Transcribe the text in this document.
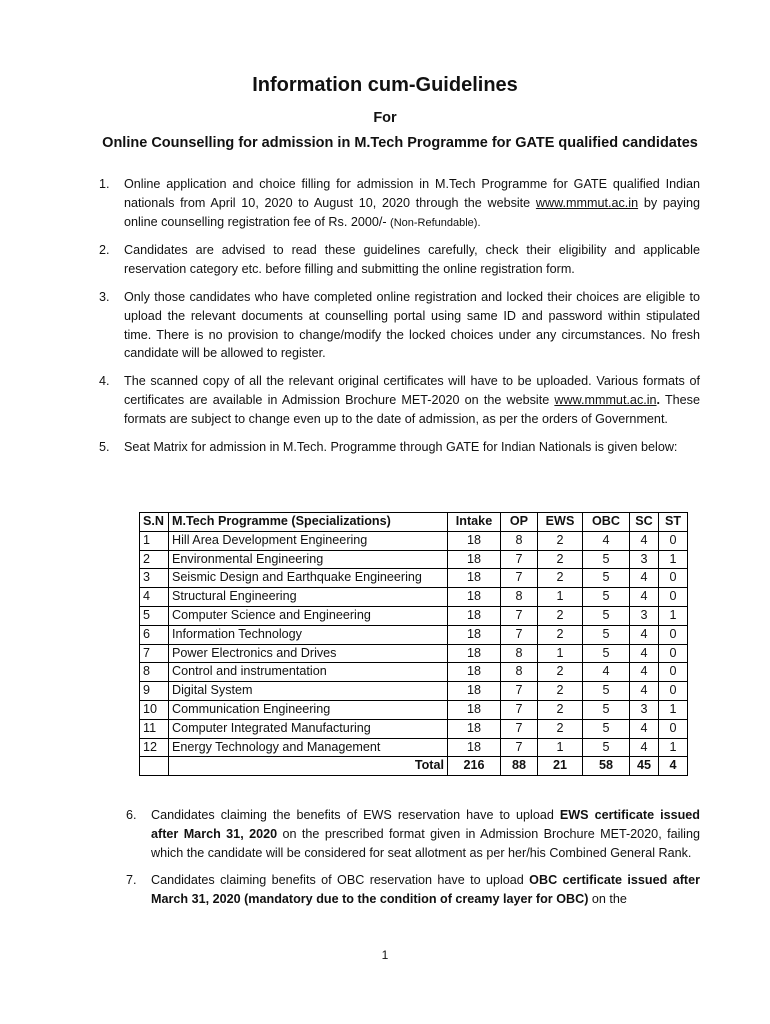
Information cum-Guidelines
For
Online Counselling for admission in M.Tech Programme for GATE qualified candidates
1. Online application and choice filling for admission in M.Tech Programme for GATE qualified Indian nationals from April 10, 2020 to August 10, 2020 through the website www.mmmut.ac.in by paying online counselling registration fee of Rs. 2000/- (Non-Refundable).
2. Candidates are advised to read these guidelines carefully, check their eligibility and applicable reservation category etc. before filling and submitting the online registration form.
3. Only those candidates who have completed online registration and locked their choices are eligible to upload the relevant documents at counselling portal using same ID and password within stipulated time. There is no provision to change/modify the locked choices under any circumstances. No fresh candidate will be allowed to register.
4. The scanned copy of all the relevant original certificates will have to be uploaded. Various formats of certificates are available in Admission Brochure MET-2020 on the website www.mmmut.ac.in. These formats are subject to change even up to the date of admission, as per the orders of Government.
5. Seat Matrix for admission in M.Tech. Programme through GATE for Indian Nationals is given below:
S.N	M.Tech Programme (Specializations)	Intake	OP	EWS	OBC	SC	ST
1	Hill Area Development Engineering	18	8	2	4	4	0
2	Environmental Engineering	18	7	2	5	3	1
3	Seismic Design and Earthquake Engineering	18	7	2	5	4	0
4	Structural Engineering	18	8	1	5	4	0
5	Computer Science and Engineering	18	7	2	5	3	1
6	Information Technology	18	7	2	5	4	0
7	Power Electronics and Drives	18	8	1	5	4	0
8	Control and instrumentation	18	8	2	4	4	0
9	Digital System	18	7	2	5	4	0
10	Communication Engineering	18	7	2	5	3	1
11	Computer Integrated Manufacturing	18	7	2	5	4	0
12	Energy Technology and Management	18	7	1	5	4	1
	Total	216	88	21	58	45	4
6. Candidates claiming the benefits of EWS reservation have to upload EWS certificate issued after March 31, 2020 on the prescribed format given in Admission Brochure MET-2020, failing which the candidate will be considered for seat allotment as per her/his Combined General Rank.
7. Candidates claiming benefits of OBC reservation have to upload OBC certificate issued after March 31, 2020 (mandatory due to the condition of creamy layer for OBC) on the
1
